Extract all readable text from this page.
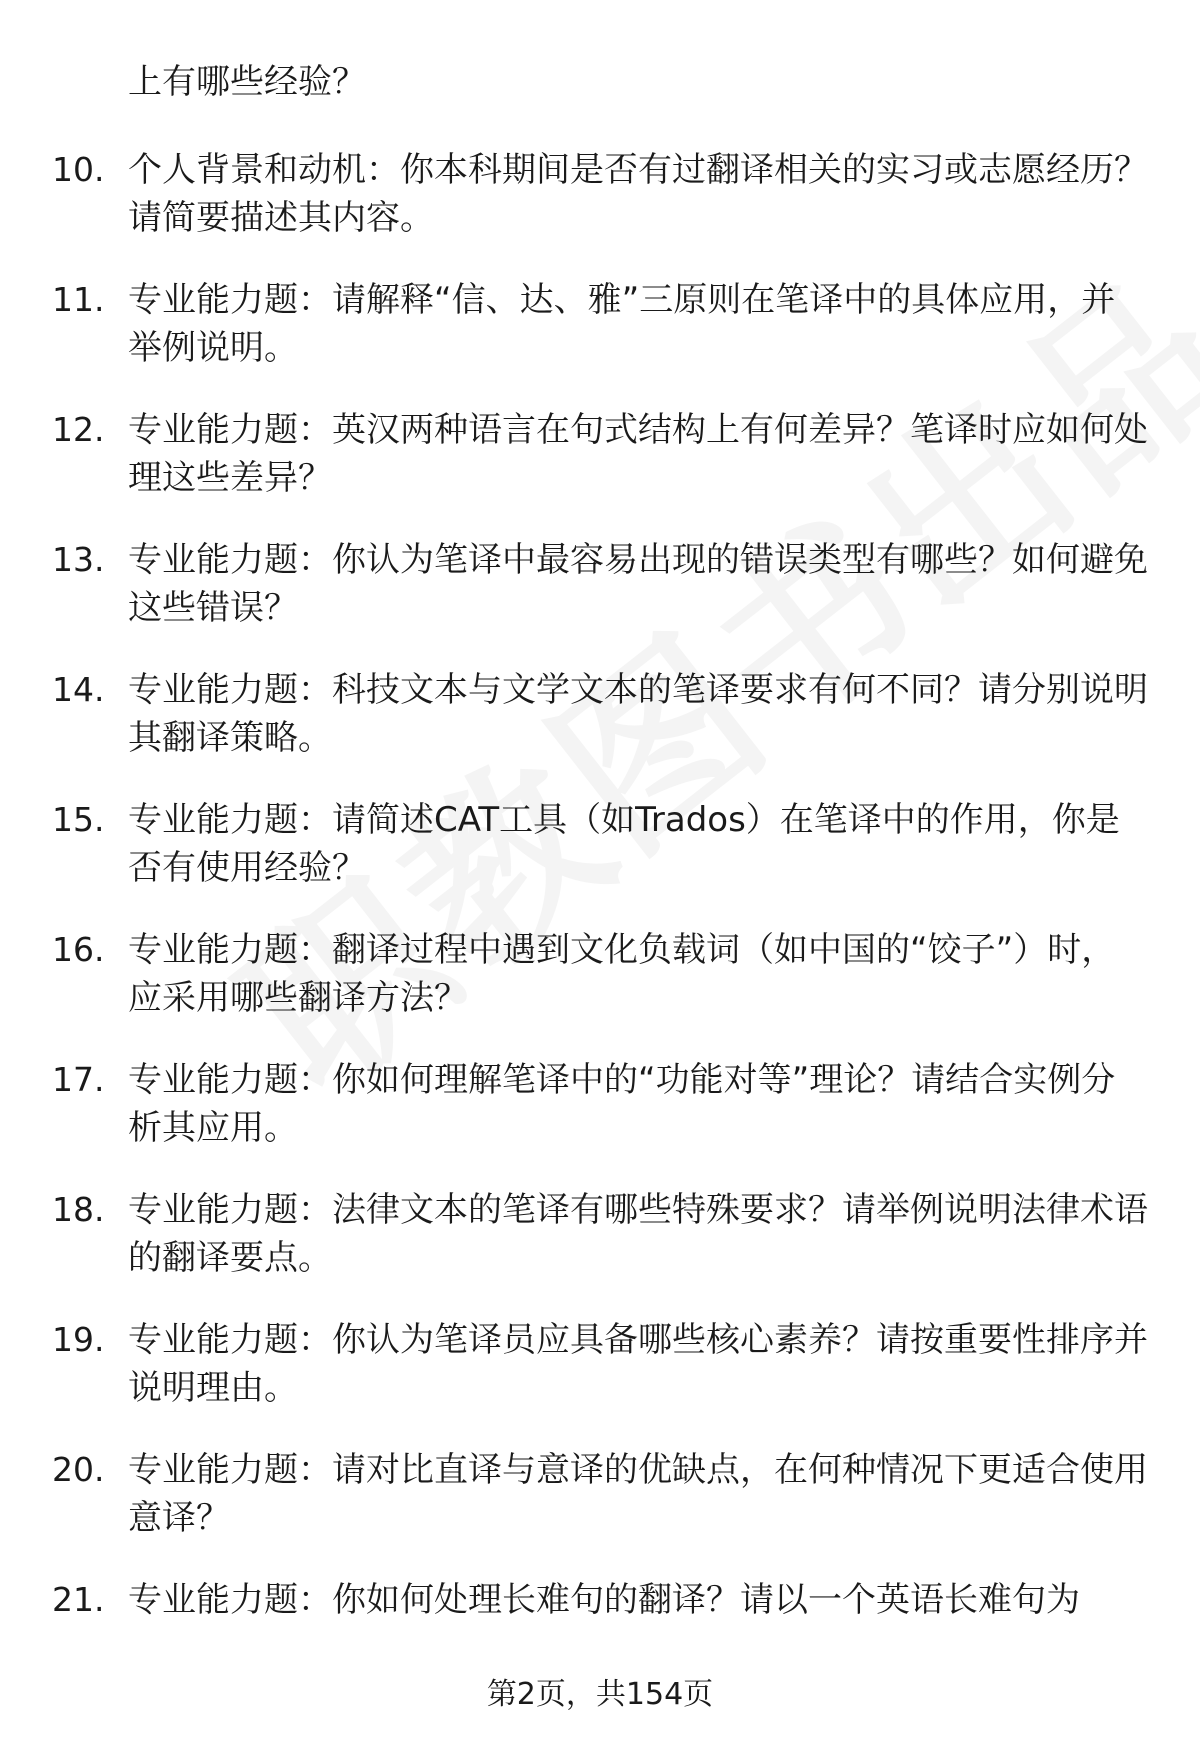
上有哪些经验？

10. 个人背景和动机：你本科期间是否有过翻译相关的实习或志愿经历？请简要描述其内容。
11. 专业能力题：请解释“信、达、雅”三原则在笔译中的具体应用，并举例说明。
12. 专业能力题：英汉两种语言在句式结构上有何差异？笔译时应如何处理这些差异？
13. 专业能力题：你认为笔译中最容易出现的错误类型有哪些？如何避免这些错误？
14. 专业能力题：科技文本与文学文本的笔译要求有何不同？请分别说明其翻译策略。
15. 专业能力题：请简述CAT工具（如Trados）在笔译中的作用，你是否有使用经验？
16. 专业能力题：翻译过程中遇到文化负载词（如中国的“饺子”）时，应采用哪些翻译方法？
17. 专业能力题：你如何理解笔译中的“功能对等”理论？请结合实例分析其应用。
18. 专业能力题：法律文本的笔译有哪些特殊要求？请举例说明法律术语的翻译要点。
19. 专业能力题：你认为笔译员应具备哪些核心素养？请按重要性排序并说明理由。
20. 专业能力题：请对比直译与意译的优缺点，在何种情况下更适合使用意译？
21. 专业能力题：你如何处理长难句的翻译？请以一个英语长难句为
第2页，共154页
